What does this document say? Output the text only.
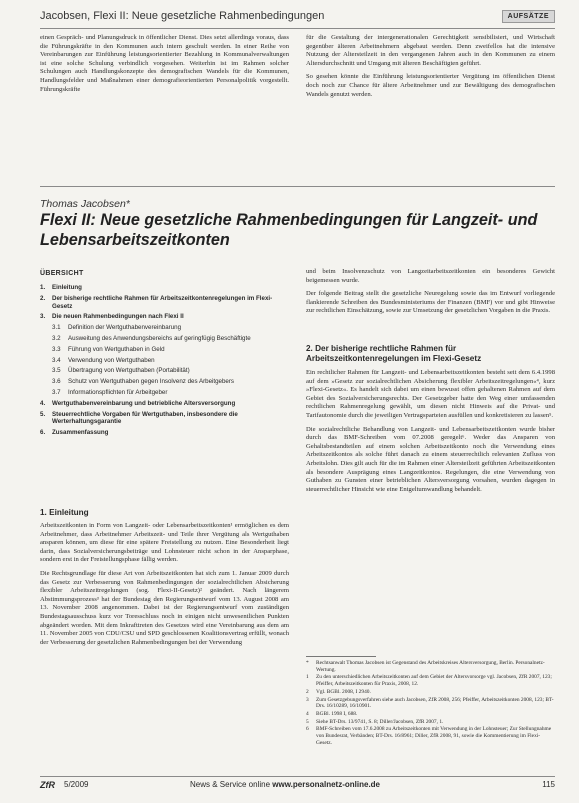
Jacobsen, Flexi II: Neue gesetzliche Rahmenbedingungen	AUFSÄTZE

einen Gespräch- und Planungsdruck in öffentlicher Dienst. Dies setzt allerdings voraus, dass die Führungskräfte in den Kommunen auch intern geschult werden. In einer Reihe von Vereinbarungen zur Einführung leistungsorientierter Bezahlung in Kommunalverwaltungen ist eine solche Schulung verbindlich vorgesehen. Weiterhin ist im Rahmen solcher Schulungen auch Handlungskonzepte des demografischen Wandels für die Kommunen, Handlungsfelder und Maßnahmen einer demografieorientierten Personalpolitik vorgestellt. Führungskräfte

für die Gestaltung der intergenerationalen Gerechtigkeit sensibilisiert, und Wirtschaft gegenüber älteren Arbeitnehmern abgebaut werden. Denn zweifellos hat die intensive Nutzung der Altersteilzeit in den vergangenen Jahren auch in den Kommunen zu einem Altersdurchschnitt und Umgang mit älteren Beschäftigten geführt.

So gesehen könnte die Einführung leistungsorientierter Vergütung im öffentlichen Dienst doch noch zur Chance für ältere Arbeitnehmer und zur Bewältigung des demografischen Wandels genutzt werden.

Thomas Jacobsen*
Flexi II: Neue gesetzliche Rahmenbedingungen für Langzeit- und Lebensarbeitszeitkonten
ÜBERSICHT
1.	Einleitung
2.	Der bisherige rechtliche Rahmen für Arbeitszeitkontenregelungen im Flexi-Gesetz
3.	Die neuen Rahmenbedingungen nach Flexi II
3.1	Definition der Wertguthabenvereinbarung
3.2	Ausweitung des Anwendungsbereichs auf geringfügig Beschäftigte
3.3	Führung von Wertguthaben in Geld
3.4	Verwendung von Wertguthaben
3.5	Übertragung von Wertguthaben (Portabilität)
3.6	Schutz von Wertguthaben gegen Insolvenz des Arbeitgebers
3.7	Informationspflichten für Arbeitgeber
4.	Wertguthabenvereinbarung und betriebliche Altersversorgung
5.	Steuerrechtliche Vorgaben für Wertguthaben, insbesondere die Werterhaltungsgarantie
6.	Zusammenfassung
1. Einleitung

Arbeitszeitkonten in Form von Langzeit- oder Lebensarbeitszeitkonten¹ ermöglichen es dem Arbeitnehmer, dass Arbeitnehmer Arbeitszeit- und Teile ihrer Vergütung als Wertguthaben ansparen können, um diese für eine spätere Freistellung zu nutzen. Eine Besonderheit liegt darin, dass Sozialversicherungsbeiträge und Lohnsteuer nicht schon in der Ansparphase, sondern erst in der Freistellungsphase fällig werden.

Die Rechtsgrundlage für diese Art von Arbeitszeitkonten hat sich zum 1. Januar 2009 durch das Gesetz zur Verbesserung von Rahmenbedingungen der sozialrechtlichen Absicherung flexibler Arbeitszeitregelungen (sog. Flexi-II-Gesetz)² geändert. Nach längerem Abstimmungsprozess³ hat der Bundestag den Regierungsentwurf vom 13. August 2008 am 13. November 2008 angenommen. Dabei ist der Regierungsentwurf vom zuständigen Bundestagsausschuss kurz vor Toresschluss noch in einigen nicht unwesentlichen Punkten abgeändert worden. Mit dem Inkrafttreten des Gesetzes wird eine Vereinbarung aus dem am 11. November 2005 von CDU/CSU und SPD geschlossenen Koalitionsvertrag erfüllt, wonach der Verbesserung der gesetzlichen Rahmenbedingungen bei der Verwendung

und beim Insolvenzschutz von Langzeitarbeitszeitkonten ein besonderes Gewicht beigemessen wurde.

Der folgende Beitrag stellt die gesetzliche Neuregelung sowie das im Entwurf vorliegende flankierende Schreiben des Bundesministeriums der Finanzen (BMF) vor und gibt Hinweise zur rechtlichen Einschätzung, sowie zur Umsetzung der gesetzlichen Vorgaben in die Praxis.

2. Der bisherige rechtliche Rahmen für Arbeitszeitkontenregelungen im Flexi-Gesetz

Ein rechtlicher Rahmen für Langzeit- und Lebensarbeitszeitkonten besteht seit dem 6.4.1998 auf dem »Gesetz zur sozialrechtlichen Absicherung flexibler Arbeitszeitregelungen«⁴, kurz »Flexi-Gesetz«. Es handelt sich dabei um einen bewusst offen gehaltenen Rahmen auf dem Gebiet des Sozialversicherungsrechts. Der Gesetzgeber hatte den Weg einer umfassenden rechtlichen Rahmenregelung gewählt, um diesen nicht Hinweis auf die Privat- und Tarifautonomie durch die jeweiligen Vertragsparteien ausfüllen und konkretisieren zu lassen⁵.

Die sozialrechtliche Behandlung von Langzeit- und Lebensarbeitszeitkonten wurde bisher durch das BMF-Schreiben vom 07.2008 geregelt⁶. Weder das Ansparen von Gehaltsbestandteilen auf einem solchen Arbeitszeitkonto noch die Verwendung eines Arbeitszeitkontos als solche führt danach zu einem steuerrechtlich relevanten Zufluss von Arbeitslohn. Dies gilt auch für die im Rahmen einer Altersteilzeit geführten Arbeitszeitkonten als besondere Ausprägung eines Langzeitkontos. Regelungen, die eine Verwendung von Guthaben zu Gunsten einer betrieblichen Altersversorgung vorsahen, wurden dagegen in steuerrechtlicher Hinsicht wie eine Entgeltumwandlung behandelt.

* Rechtsanwalt Thomas Jacobsen ist Gegenstand des Arbeitskreises Altersversorgung, Berlin. Personalnetz-Wertung.
1 Zu den unterschiedlichen Arbeitszeitkonten auf dem Gebiet der Altersvorsorge vgl. Jacobsen, ZfR 2007, 123; Pfeiffer, Arbeitszeitkonten für Praxis, 2008, 12.
2 Vgl. BGBl. 2008, I 2940.
3 Zum Gesetzgebungsverfahren siehe auch Jacobsen, ZfR 2008, 256; Pfeiffer, Arbeitszeitkonten 2008, 123; BT-Drs. 16/10289, 16/10901.
4 BGBl. 1998 I, 688.
5 Siehe BT-Drs. 13/9741, S. 8; Diller/Jacobsen, ZfR 2007, 1.
6 BMF-Schreiben vom 17.6.2008 zu Arbeitszeitkonten mit Verwendung in der Lohnsteuer; Zur Stellungnahme von Bundesrat, Verbänden; BT-Drs. 16/8961; Diller, ZfR 2008, 91, sowie die Kommentierung im Flexi-Gesetz.
ZfR 5/2009	News & Service online www.personalnetz-online.de	115
